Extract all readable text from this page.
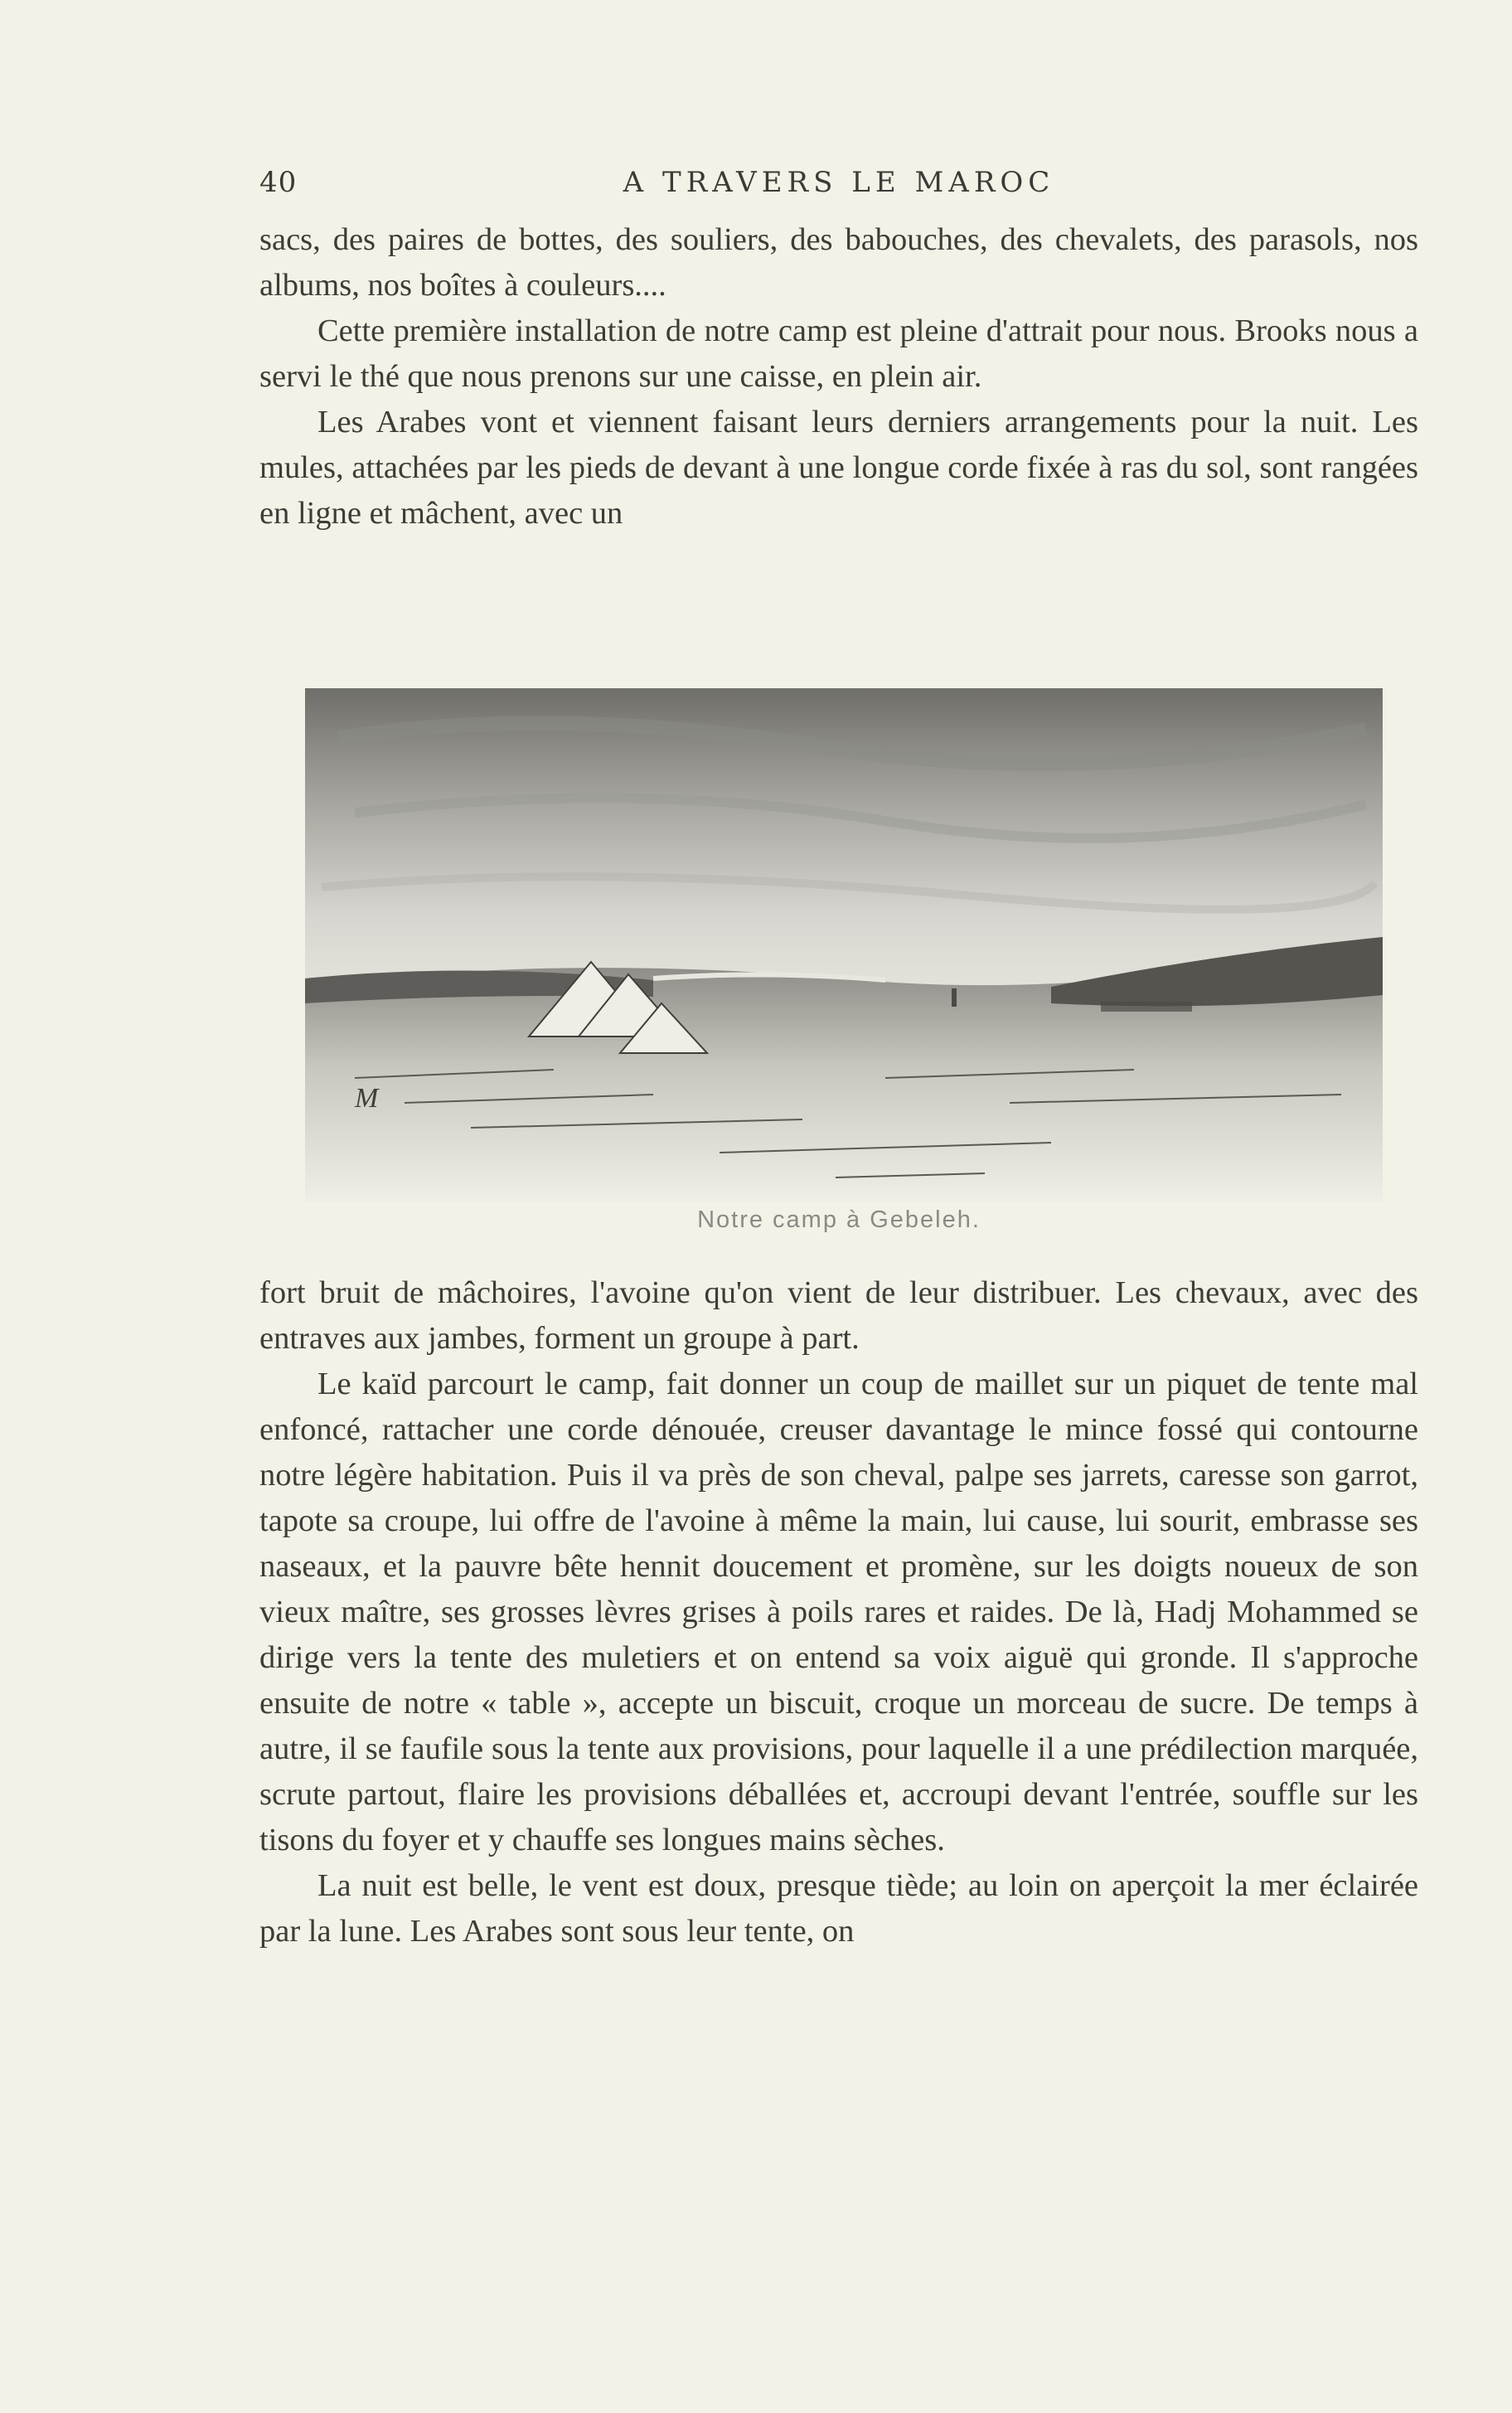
40	A TRAVERS LE MAROC

sacs, des paires de bottes, des souliers, des babouches, des chevalets, des parasols, nos albums, nos boîtes à couleurs....

Cette première installation de notre camp est pleine d'attrait pour nous. Brooks nous a servi le thé que nous prenons sur une caisse, en plein air.

Les Arabes vont et viennent faisant leurs derniers arrangements pour la nuit. Les mules, attachées par les pieds de devant à une longue corde fixée à ras du sol, sont rangées en ligne et mâchent, avec un

M
Notre camp à Gebeleh.

fort bruit de mâchoires, l'avoine qu'on vient de leur distribuer. Les chevaux, avec des entraves aux jambes, forment un groupe à part.

Le kaïd parcourt le camp, fait donner un coup de maillet sur un piquet de tente mal enfoncé, rattacher une corde dénouée, creuser davantage le mince fossé qui contourne notre légère habitation. Puis il va près de son cheval, palpe ses jarrets, caresse son garrot, tapote sa croupe, lui offre de l'avoine à même la main, lui cause, lui sourit, embrasse ses naseaux, et la pauvre bête hennit doucement et promène, sur les doigts noueux de son vieux maître, ses grosses lèvres grises à poils rares et raides. De là, Hadj Mohammed se dirige vers la tente des muletiers et on entend sa voix aiguë qui gronde. Il s'approche ensuite de notre « table », accepte un biscuit, croque un morceau de sucre. De temps à autre, il se faufile sous la tente aux provisions, pour laquelle il a une prédilection marquée, scrute partout, flaire les provisions déballées et, accroupi devant l'entrée, souffle sur les tisons du foyer et y chauffe ses longues mains sèches.

La nuit est belle, le vent est doux, presque tiède; au loin on aperçoit la mer éclairée par la lune. Les Arabes sont sous leur tente, on
